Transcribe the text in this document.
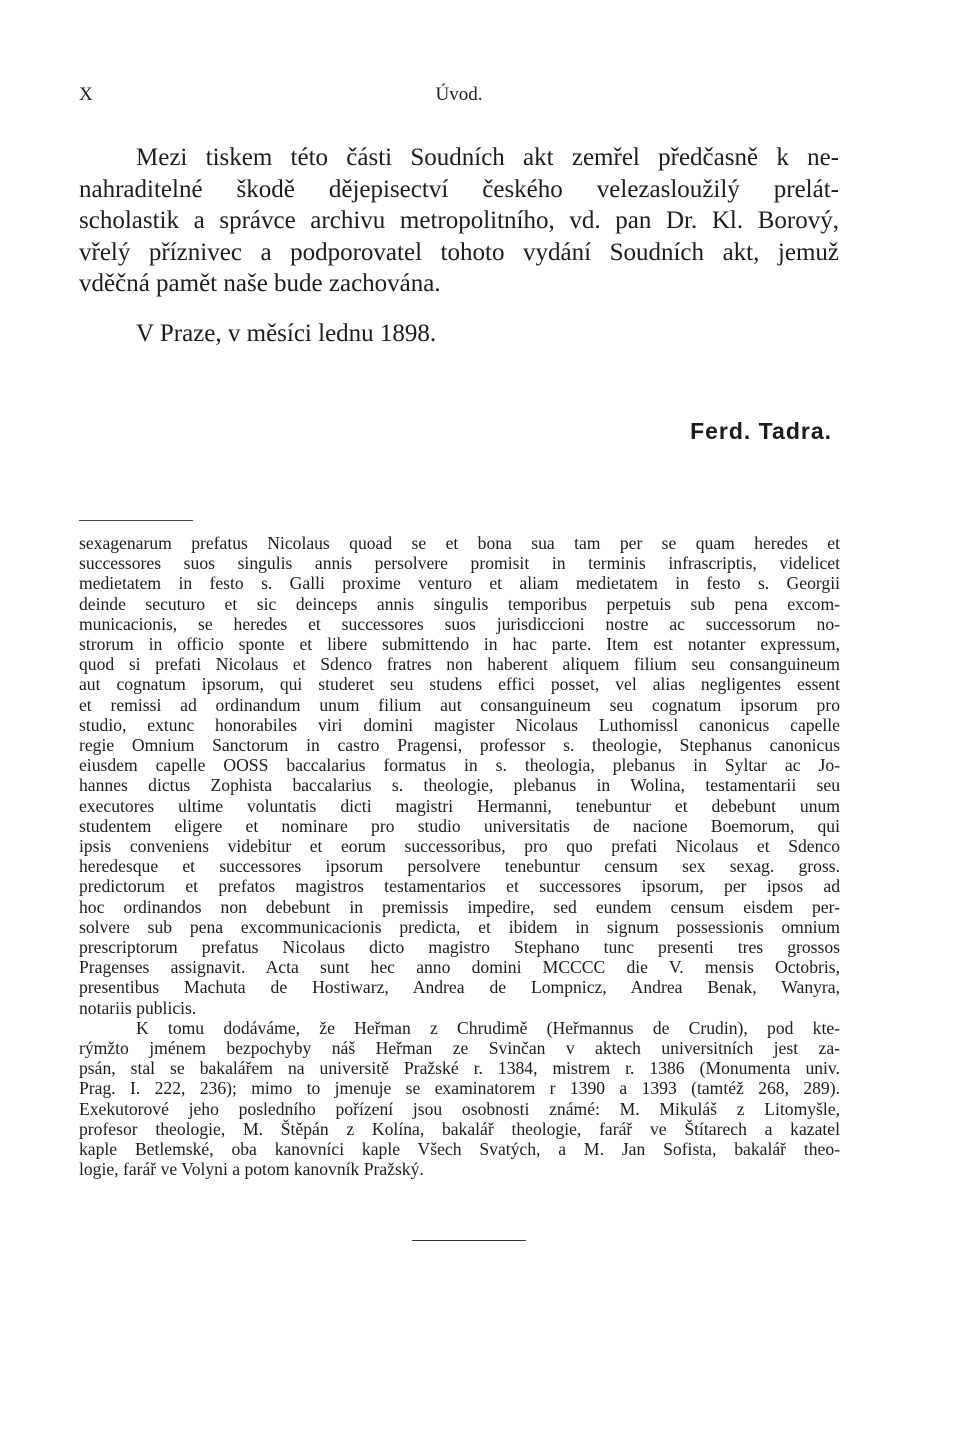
X	Úvod.

Mezi tiskem této části Soudních akt zemřel předčasně k ne-
nahraditelné škodě dějepisectví českého velezasloužilý prelát-
scholastik a správce archivu metropolitního, vd. pan Dr. Kl. Borový,
vřelý příznivec a podporovatel tohoto vydání Soudních akt, jemuž
vděčná pamět naše bude zachována.

V Praze, v měsíci lednu 1898.

Ferd. Tadra.

sexagenarum prefatus Nicolaus quoad se et bona sua tam per se quam heredes et
successores suos singulis annis persolvere promisit in terminis infrascriptis, videlicet
medietatem in festo s. Galli proxime venturo et aliam medietatem in festo s. Georgii
deinde secuturo et sic deinceps annis singulis temporibus perpetuis sub pena excom-
municacionis, se heredes et successores suos jurisdiccioni nostre ac successorum no-
strorum in officio sponte et libere submittendo in hac parte. Item est notanter expressum,
quod si prefati Nicolaus et Sdenco fratres non haberent aliquem filium seu consanguineum
aut cognatum ipsorum, qui studeret seu studens effici posset, vel alias negligentes essent
et remissi ad ordinandum unum filium aut consanguineum seu cognatum ipsorum pro
studio, extunc honorabiles viri domini magister Nicolaus Luthomissl canonicus capelle
regie Omnium Sanctorum in castro Pragensi, professor s. theologie, Stephanus canonicus
eiusdem capelle OOSS baccalarius formatus in s. theologia, plebanus in Syltar ac Jo-
hannes dictus Zophista baccalarius s. theologie, plebanus in Wolina, testamentarii seu
executores ultime voluntatis dicti magistri Hermanni, tenebuntur et debebunt unum
studentem eligere et nominare pro studio universitatis de nacione Boemorum, qui
ipsis conveniens videbitur et eorum successoribus, pro quo prefati Nicolaus et Sdenco
heredesque et successores ipsorum persolvere tenebuntur censum sex sexag. gross.
predictorum et prefatos magistros testamentarios et successores ipsorum, per ipsos ad
hoc ordinandos non debebunt in premissis impedire, sed eundem censum eisdem per-
solvere sub pena excommunicacionis predicta, et ibidem in signum possessionis omnium
prescriptorum prefatus Nicolaus dicto magistro Stephano tunc presenti tres grossos
Pragenses assignavit. Acta sunt hec anno domini MCCCC die V. mensis Octobris,
presentibus Machuta de Hostiwarz, Andrea de Lompnicz, Andrea Benak, Wanyra,
notariis publicis.

K tomu dodáváme, že Heřman z Chrudimě (Heřmannus de Crudin), pod kte-
rýmžto jménem bezpochyby náš Heřman ze Svinčan v aktech universitních jest za-
psán, stal se bakalářem na universitě Pražské r. 1384, mistrem r. 1386 (Monumenta univ.
Prag. I. 222, 236); mimo to jmenuje se examinatorem r 1390 a 1393 (tamtéž 268, 289).
Exekutorové jeho posledního pořízení jsou osobnosti známé: M. Mikuláš z Litomyšle,
profesor theologie, M. Štěpán z Kolína, bakalář theologie, farář ve Štítarech a kazatel
kaple Betlemské, oba kanovníci kaple Všech Svatých, a M. Jan Sofista, bakalář theo-
logie, farář ve Volyni a potom kanovník Pražský.
